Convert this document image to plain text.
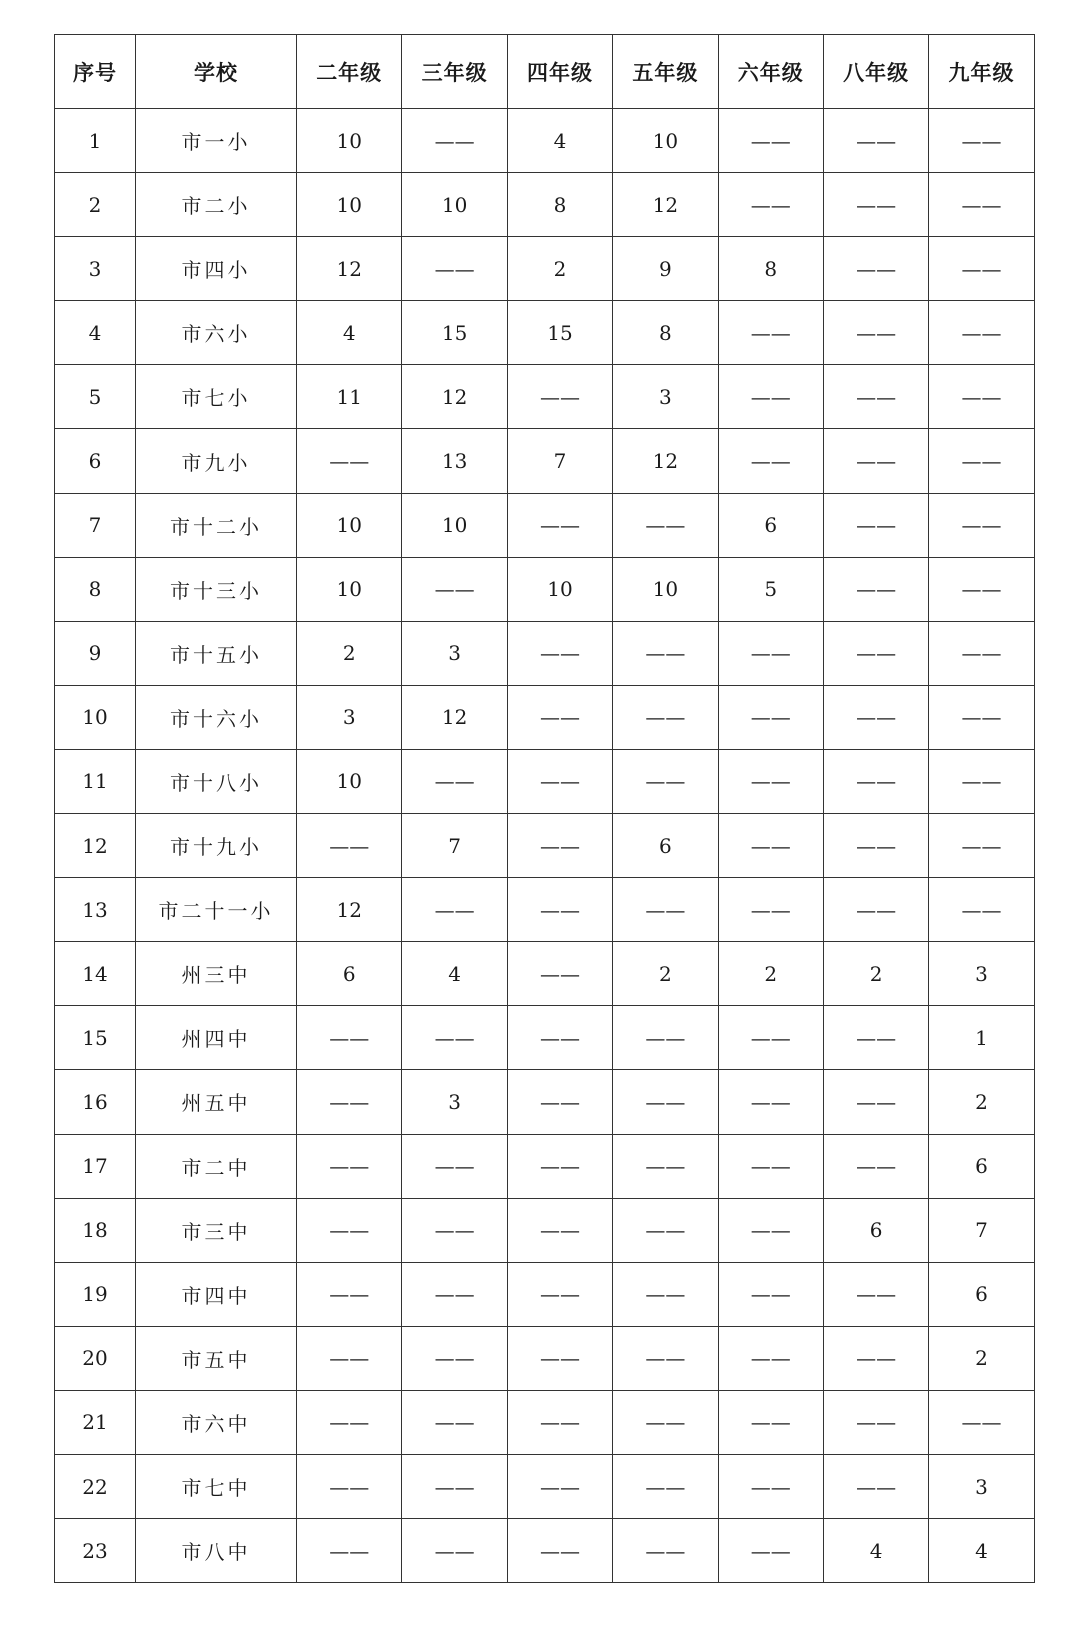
序号	学校	二年级	三年级	四年级	五年级	六年级	八年级	九年级
1	市一小	10	——	4	10	——	——	——
2	市二小	10	10	8	12	——	——	——
3	市四小	12	——	2	9	8	——	——
4	市六小	4	15	15	8	——	——	——
5	市七小	11	12	——	3	——	——	——
6	市九小	——	13	7	12	——	——	——
7	市十二小	10	10	——	——	6	——	——
8	市十三小	10	——	10	10	5	——	——
9	市十五小	2	3	——	——	——	——	——
10	市十六小	3	12	——	——	——	——	——
11	市十八小	10	——	——	——	——	——	——
12	市十九小	——	7	——	6	——	——	——
13	市二十一小	12	——	——	——	——	——	——
14	州三中	6	4	——	2	2	2	3
15	州四中	——	——	——	——	——	——	1
16	州五中	——	3	——	——	——	——	2
17	市二中	——	——	——	——	——	——	6
18	市三中	——	——	——	——	——	6	7
19	市四中	——	——	——	——	——	——	6
20	市五中	——	——	——	——	——	——	2
21	市六中	——	——	——	——	——	——	——
22	市七中	——	——	——	——	——	——	3
23	市八中	——	——	——	——	——	4	4
